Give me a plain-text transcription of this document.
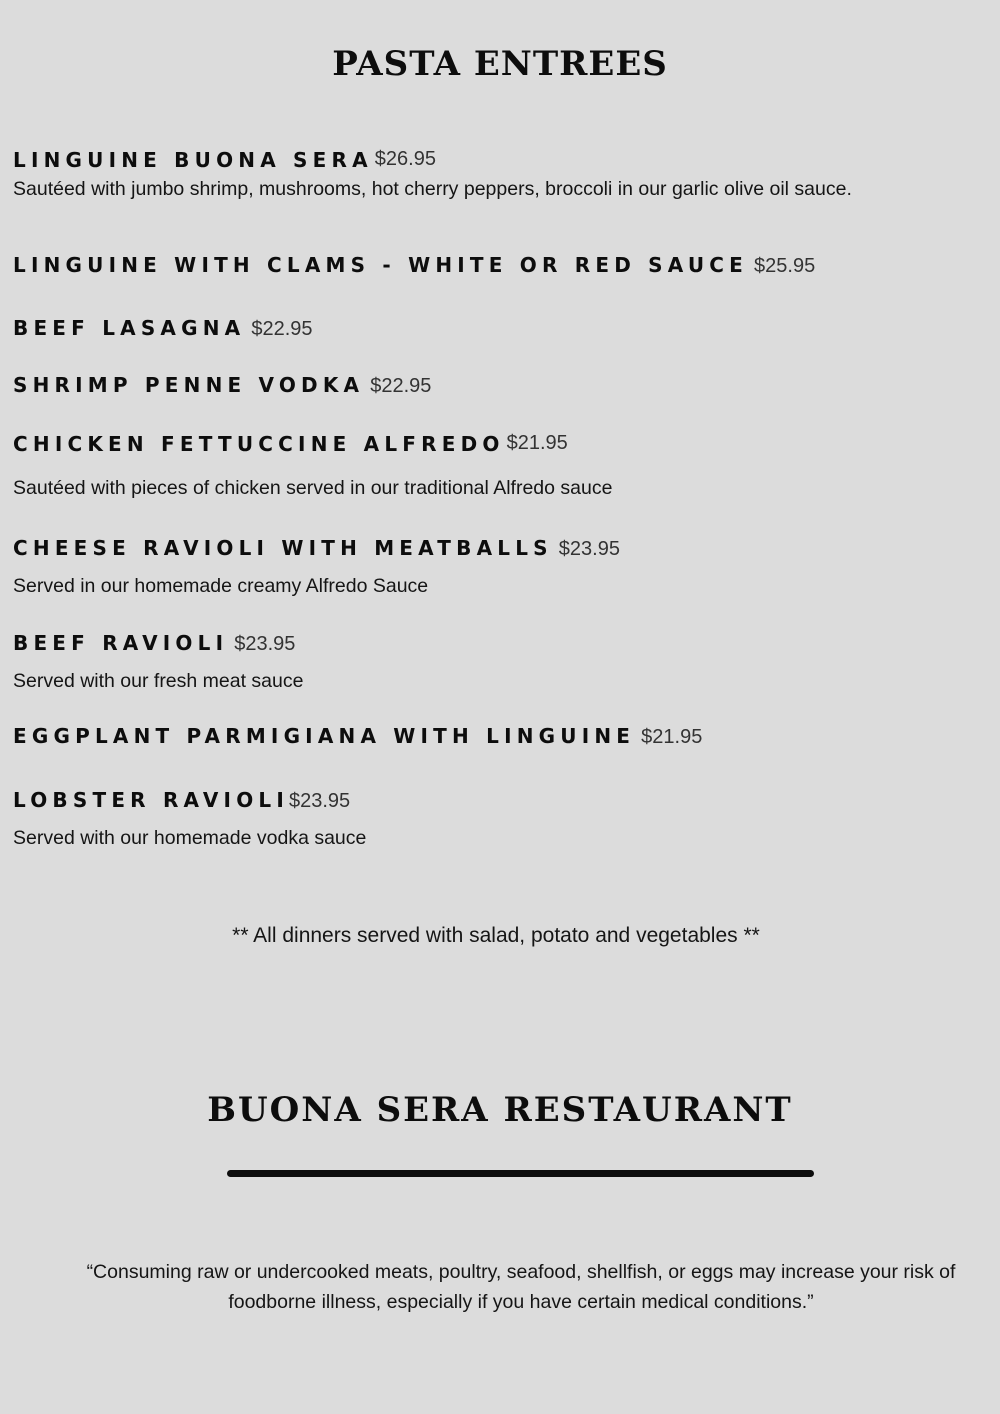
PASTA ENTREES
LINGUINE BUONA SERA $26.95
Sautéed with jumbo shrimp, mushrooms, hot cherry peppers, broccoli in our garlic olive oil sauce.
LINGUINE WITH CLAMS - WHITE OR RED SAUCE $25.95
BEEF LASAGNA $22.95
SHRIMP PENNE VODKA $22.95
CHICKEN FETTUCCINE ALFREDO $21.95
Sautéed with pieces of chicken served in our traditional Alfredo sauce
CHEESE RAVIOLI WITH MEATBALLS $23.95
Served in our homemade creamy Alfredo Sauce
BEEF RAVIOLI $23.95
Served with our fresh meat sauce
EGGPLANT PARMIGIANA WITH LINGUINE $21.95
LOBSTER RAVIOLI$23.95
Served with our homemade vodka sauce
** All dinners served with salad, potato and vegetables **
BUONA SERA RESTAURANT
“Consuming raw or undercooked meats, poultry, seafood, shellfish, or eggs may increase your risk of foodborne illness, especially if you have certain medical conditions.”
